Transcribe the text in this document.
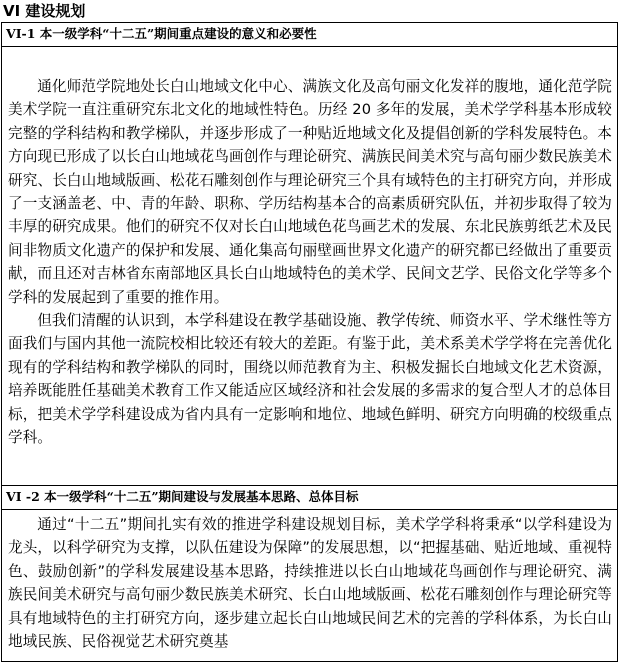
VI 建设规划
VI-1 本一级学科“十二五”期间重点建设的意义和必要性

通化师范学院地处长白山地域文化中心、满族文化及高句丽文化发祥的腹地，通化范学院美术学院一直注重研究东北文化的地域性特色。历经 20 多年的发展，美术学学科基本形成较完整的学科结构和教学梯队，并逐步形成了一种贴近地域文化及提倡创新的学科发展特色。本方向现已形成了以长白山地域花鸟画创作与理论研究、满族民间美术究与高句丽少数民族美术研究、长白山地域版画、松花石雕刻创作与理论研究三个具有域特色的主打研究方向，并形成了一支涵盖老、中、青的年龄、职称、学历结构基本合的高素质研究队伍，并初步取得了较为丰厚的研究成果。他们的研究不仅对长白山地域色花鸟画艺术的发展、东北民族剪纸艺术及民间非物质文化遗产的保护和发展、通化集高句丽壁画世界文化遗产的研究都已经做出了重要贡献，而且还对吉林省东南部地区具长白山地域特色的美术学、民间文艺学、民俗文化学等多个学科的发展起到了重要的推作用。

但我们清醒的认识到，本学科建设在教学基础设施、教学传统、师资水平、学术继性等方面我们与国内其他一流院校相比较还有较大的差距。有鉴于此，美术系美术学学将在完善优化现有的学科结构和教学梯队的同时，围绕以师范教育为主、积极发掘长白地域文化艺术资源，培养既能胜任基础美术教育工作又能适应区域经济和社会发展的多需求的复合型人才的总体目标，把美术学学科建设成为省内具有一定影响和地位、地域色鲜明、研究方向明确的校级重点学科。

VI -2 本一级学科“十二五”期间建设与发展基本思路、总体目标

通过“十二五”期间扎实有效的推进学科建设规划目标，美术学学科将秉承“以学科建设为龙头，以科学研究为支撑，以队伍建设为保障”的发展思想，以“把握基础、贴近地域、重视特色、鼓励创新”的学科发展建设基本思路，持续推进以长白山地域花鸟画创作与理论研究、满族民间美术研究与高句丽少数民族美术研究、长白山地域版画、松花石雕刻创作与理论研究等具有地域特色的主打研究方向，逐步建立起长白山地域民间艺术的完善的学科体系，为长白山地域民族、民俗视觉艺术研究奠基
